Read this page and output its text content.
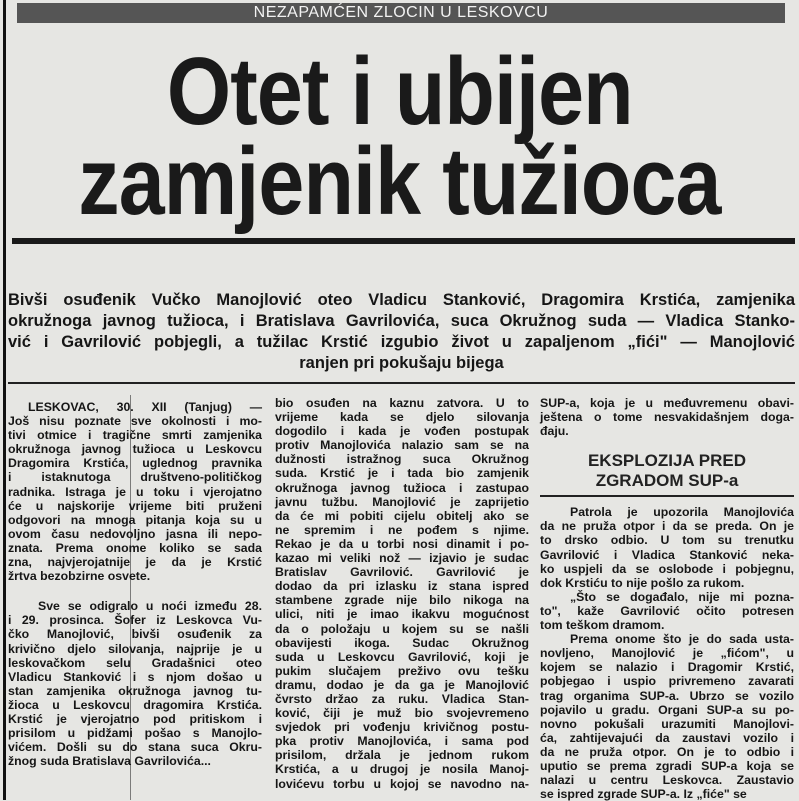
NEZAPAMĆEN ZLOCIN U LESKOVCU
Otet i ubijen
zamjenik tužioca
Bivši osuđenik Vučko Manojlović oteo Vladicu Stanković, Dragomira Krstića, zamjenika
okružnoga javnog tužioca, i Bratislava Gavrilovića, suca Okružnog suda — Vladica Stanko-
vić i Gavrilović pobjegli, a tužilac Krstić izgubio život u zapaljenom „fići" — Manojlović
ranjen pri pokušaju bijega
LESKOVAC, 30. XII (Tanjug) —
Još nisu poznate sve okolnosti i mo-
tivi otmice i tragične smrti zamjenika
okružnoga javnog tužioca u Leskovcu
Dragomira Krstića, uglednog pravnika
i istaknutoga društveno-političkog
radnika. Istraga je u toku i vjerojatno
će u najskorije vrijeme biti pruženi
odgovori na mnoga pitanja koja su u
ovom času nedovoljno jasna ili nepo-
znata. Prema onome koliko se sada
zna, najvjerojatnije je da je Krstić
žrtva bezobzirne osvete.
Sve se odigralo u noći između 28.
i 29. prosinca. Šofer iz Leskovca Vu-
čko Manojlović, bivši osuđenik za
krivično djelo silovanja, najprije je u
leskovačkom selu Gradašnici oteo
Vladicu Stanković i s njom došao u
stan zamjenika okružnoga javnog tu-
žioca u Leskovcu dragomira Krstića.
Krstić je vjerojatno pod pritiskom i
prisilom u pidžami pošao s Manojlo-
vićem. Došli su do stana suca Okru-
žnog suda Bratislava Gavrilovića...
bio osuđen na kaznu zatvora. U to
vrijeme kada se djelo silovanja
dogodilo i kada je vođen postupak
protiv Manojlovića nalazio sam se na
dužnosti istražnog suca Okružnog
suda. Krstić je i tada bio zamjenik
okružnoga javnog tužioca i zastupao
javnu tužbu. Manojlović je zaprijetio
da će mi pobiti cijelu obitelj ako se
ne spremim i ne pođem s njime.
Rekao je da u torbi nosi dinamit i po-
kazao mi veliki nož — izjavio je sudac
Bratislav Gavrilović. Gavrilović je
dodao da pri izlasku iz stana ispred
stambene zgrade nije bilo nikoga na
ulici, niti je imao ikakvu mogućnost
da o položaju u kojem su se našli
obavijesti ikoga. Sudac Okružnog
suda u Leskovcu Gavrilović, koji je
pukim slučajem preživo ovu tešku
dramu, dodao je da ga je Manojlović
čvrsto držao za ruku. Vladica Stan-
ković, čiji je muž bio svojevremeno
svjedok pri vođenju krivičnog postu-
pka protiv Manojlovića, i sama pod
prisilom, držala je jednom rukom
Krstića, a u drugoj je nosila Manoj-
lovićevu torbu u kojoj se navodno na-
SUP-a, koja je u međuvremenu obavi-
ještena o tome nesvakidašnjem doga-
đaju.
EKSPLOZIJA PRED
ZGRADOM SUP-a
Patrola je upozorila Manojlovića
da ne pruža otpor i da se preda. On je
to drsko odbio. U tom su trenutku
Gavrilović i Vladica Stanković neka-
ko uspjeli da se oslobode i pobjegnu,
dok Krstiću to nije pošlo za rukom.
„Što se događalo, nije mi pozna-
to", kaže Gavrilović očito potresen
tom teškom dramom.
Prema onome što je do sada usta-
novljeno, Manojlović je „fićom", u
kojem se nalazio i Dragomir Krstić,
pobjegao i uspio privremeno zavarati
trag organima SUP-a. Ubrzo se vozilo
pojavilo u gradu. Organi SUP-a su po-
novno pokušali urazumiti Manojlovi-
ća, zahtijevajući da zaustavi vozilo i
da ne pruža otpor. On je to odbio i
uputio se prema zgradi SUP-a koja se
nalazi u centru Leskovca. Zaustavio
se ispred zgrade SUP-a. Iz „fiće" se
